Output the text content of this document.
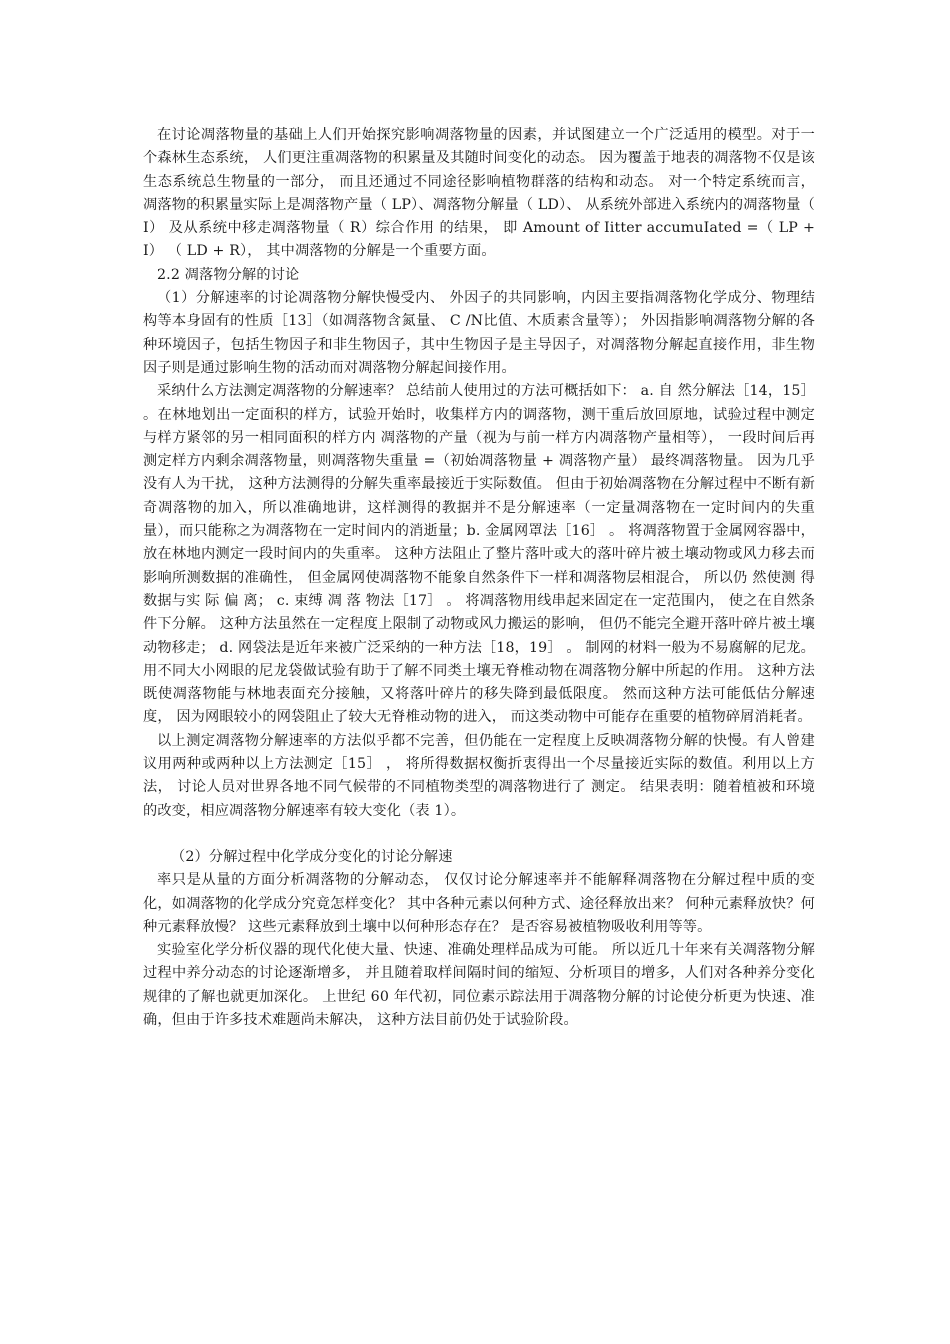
在讨论凋落物量的基础上人们开始探究影响凋落物量的因素，并试图建立一个广泛适用的模型。对于一个森林生态系统， 人们更注重凋落物的积累量及其随时间变化的动态。 因为覆盖于地表的凋落物不仅是该生态系统总生物量的一部分， 而且还通过不同途径影响植物群落的结构和动态。 对一个特定系统而言， 凋落物的积累量实际上是凋落物产量（ LP）、凋落物分解量（ LD）、 从系统外部进入系统内的凋落物量（ I） 及从系统中移走凋落物量（ R）综合作用 的结果， 即 Amount of Iitter accumuIated =（ LP + I） （ LD + R）， 其中凋落物的分解是一个重要方面。

2.2 凋落物分解的讨论

（1）分解速率的讨论凋落物分解快慢受内、 外因子的共同影响，内因主要指凋落物化学成分、物理结构等本身固有的性质［13］（如凋落物含氮量、 C /N比值、木质素含量等）； 外因指影响凋落物分解的各种环境因子，包括生物因子和非生物因子，其中生物因子是主导因子，对凋落物分解起直接作用，非生物因子则是通过影响生物的活动而对凋落物分解起间接作用。

采纳什么方法测定凋落物的分解速率？ 总结前人使用过的方法可概括如下： a. 自 然分解法［14，15］ 。在林地划出一定面积的样方，试验开始时，收集样方内的调落物，测干重后放回原地，试验过程中测定与样方紧邻的另一相同面积的样方内 凋落物的产量（视为与前一样方内凋落物产量相等）， 一段时间后再测定样方内剩余凋落物量，则凋落物失重量 =（初始凋落物量 + 凋落物产量） 最终凋落物量。 因为几乎没有人为干扰， 这种方法测得的分解失重率最接近于实际数值。 但由于初始凋落物在分解过程中不断有新奇凋落物的加入，所以准确地讲，这样测得的教据并不是分解速率（一定量凋落物在一定时间内的失重量），而只能称之为凋落物在一定时间内的消逝量；b. 金属网罩法［16］ 。 将凋落物置于金属网容器中，放在林地内测定一段时间内的失重率。 这种方法阻止了整片落叶或大的落叶碎片被土壤动物或风力移去而影响所测数据的准确性， 但金属网使凋落物不能象自然条件下一样和凋落物层相混合， 所以仍 然使测 得 数据与实 际 偏 离； c. 束缚 凋 落 物法［17］ 。 将凋落物用线串起来固定在一定范围内， 使之在自然条件下分解。 这种方法虽然在一定程度上限制了动物或风力搬运的影响， 但仍不能完全避开落叶碎片被土壤动物移走； d. 网袋法是近年来被广泛采纳的一种方法［18，19］ 。 制网的材料一般为不易腐解的尼龙。 用不同大小网眼的尼龙袋做试验有助于了解不同类土壤无脊椎动物在凋落物分解中所起的作用。 这种方法既使凋落物能与林地表面充分接触，又将落叶碎片的移失降到最低限度。 然而这种方法可能低估分解速度， 因为网眼较小的网袋阻止了较大无脊椎动物的进入， 而这类动物中可能存在重要的植物碎屑消耗者。

以上测定凋落物分解速率的方法似乎都不完善，但仍能在一定程度上反映凋落物分解的快慢。有人曾建议用两种或两种以上方法测定［15］ ， 将所得数据权衡折衷得出一个尽量接近实际的数值。利用以上方法， 讨论人员对世界各地不同气候带的不同植物类型的凋落物进行了 测定。 结果表明：随着植被和环境的改变，相应凋落物分解速率有较大变化（表 1）。

（2）分解过程中化学成分变化的讨论分解速

率只是从量的方面分析凋落物的分解动态， 仅仅讨论分解速率并不能解释凋落物在分解过程中质的变化，如凋落物的化学成分究竟怎样变化？ 其中各种元素以何种方式、途径释放出来？ 何种元素释放快？何种元素释放慢？ 这些元素释放到土壤中以何种形态存在？ 是否容易被植物吸收利用等等。

实验室化学分析仪器的现代化使大量、快速、准确处理样品成为可能。 所以近几十年来有关凋落物分解过程中养分动态的讨论逐渐增多， 并且随着取样间隔时间的缩短、分析项目的增多，人们对各种养分变化规律的了解也就更加深化。 上世纪 60 年代初，同位素示踪法用于凋落物分解的讨论使分析更为快速、准确，但由于许多技术难题尚未解决， 这种方法目前仍处于试验阶段。
